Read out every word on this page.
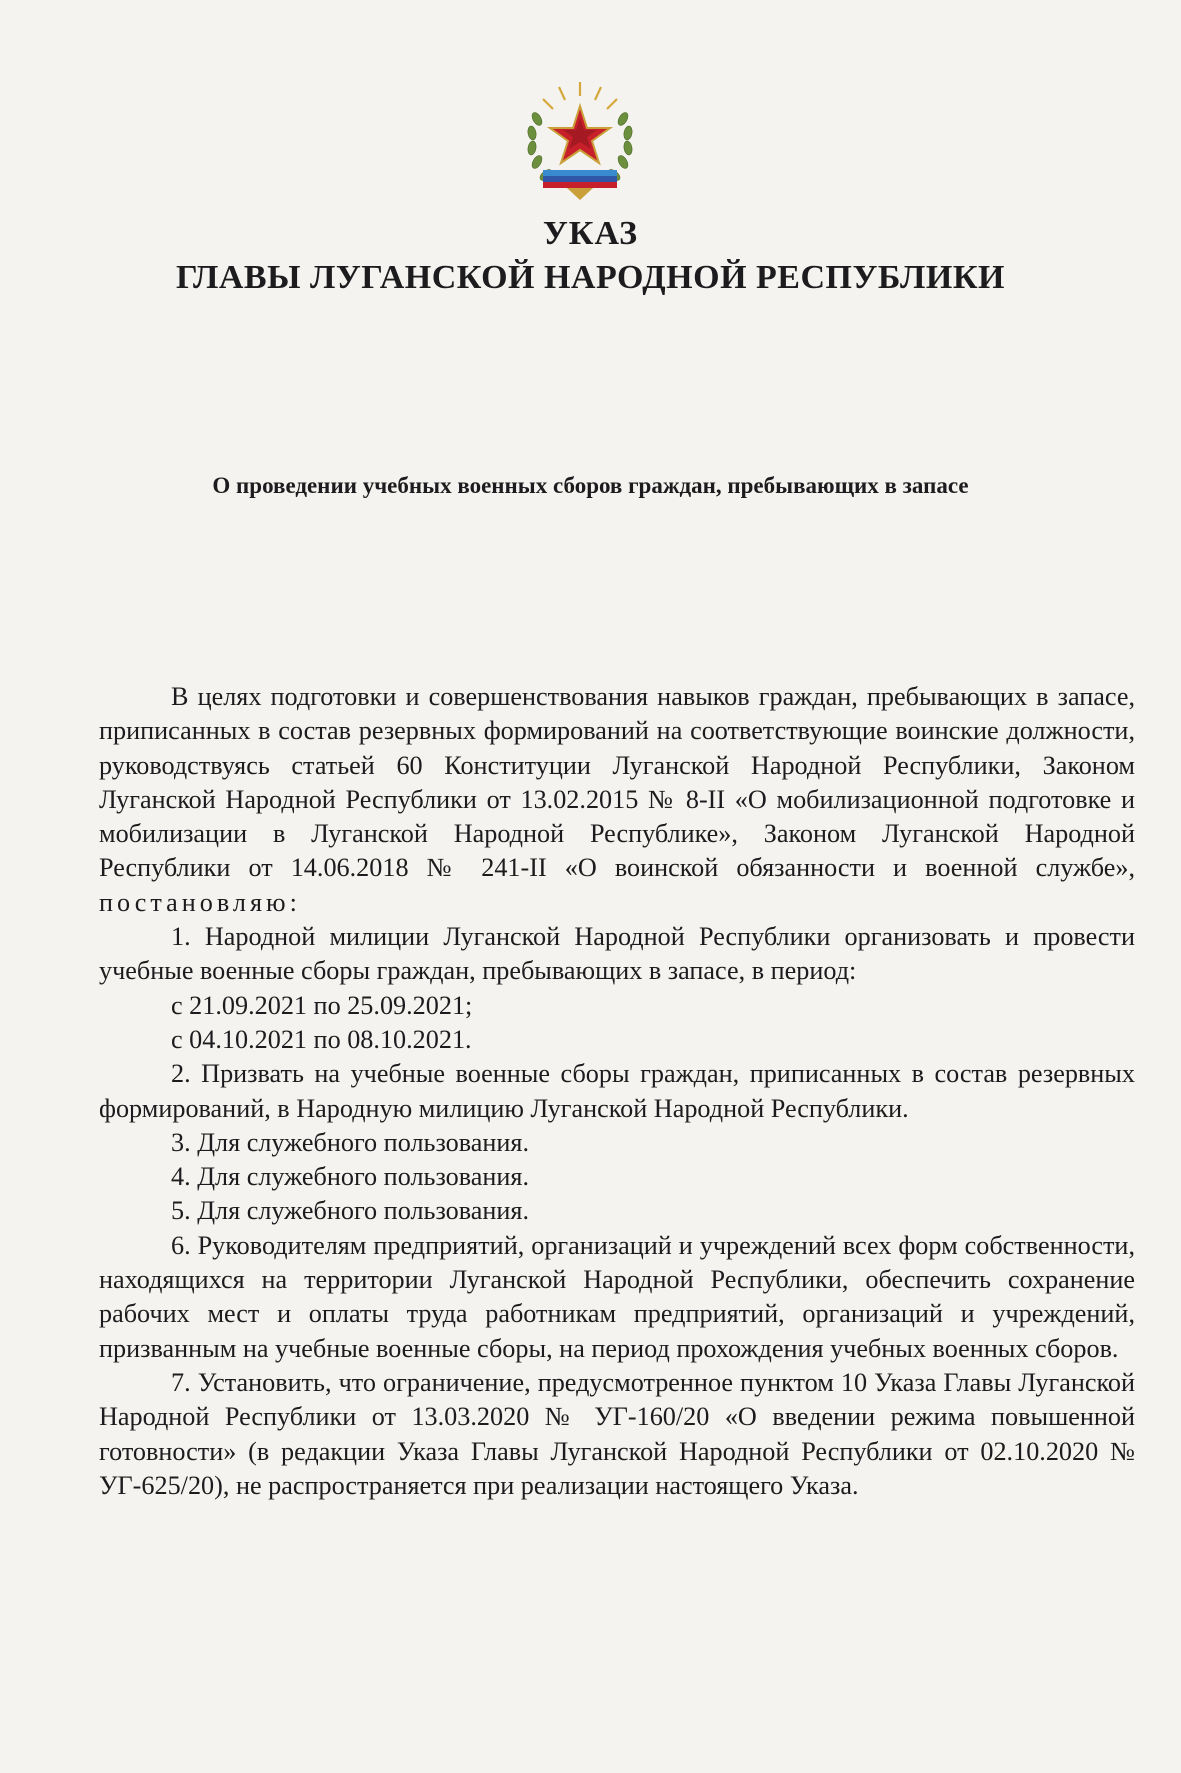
УКАЗ
ГЛАВЫ ЛУГАНСКОЙ НАРОДНОЙ РЕСПУБЛИКИ
О проведении учебных военных сборов граждан, пребывающих в запасе

В целях подготовки и совершенствования навыков граждан, пребывающих в запасе, приписанных в состав резервных формирований на соответствующие воинские должности, руководствуясь статьей 60 Конституции Луганской Народной Республики, Законом Луганской Народной Республики от 13.02.2015 № 8-II «О мобилизационной подготовке и мобилизации в Луганской Народной Республике», Законом Луганской Народной Республики от 14.06.2018 № 241-II «О воинской обязанности и военной службе», постановляю:

1. Народной милиции Луганской Народной Республики организовать и провести учебные военные сборы граждан, пребывающих в запасе, в период:

с 21.09.2021 по 25.09.2021;

с 04.10.2021 по 08.10.2021.

2. Призвать на учебные военные сборы граждан, приписанных в состав резервных формирований, в Народную милицию Луганской Народной Республики.

3. Для служебного пользования.

4. Для служебного пользования.

5. Для служебного пользования.

6. Руководителям предприятий, организаций и учреждений всех форм собственности, находящихся на территории Луганской Народной Республики, обеспечить сохранение рабочих мест и оплаты труда работникам предприятий, организаций и учреждений, призванным на учебные военные сборы, на период прохождения учебных военных сборов.

7. Установить, что ограничение, предусмотренное пунктом 10 Указа Главы Луганской Народной Республики от 13.03.2020 № УГ-160/20 «О введении режима повышенной готовности» (в редакции Указа Главы Луганской Народной Республики от 02.10.2020 № УГ-625/20), не распространяется при реализации настоящего Указа.
